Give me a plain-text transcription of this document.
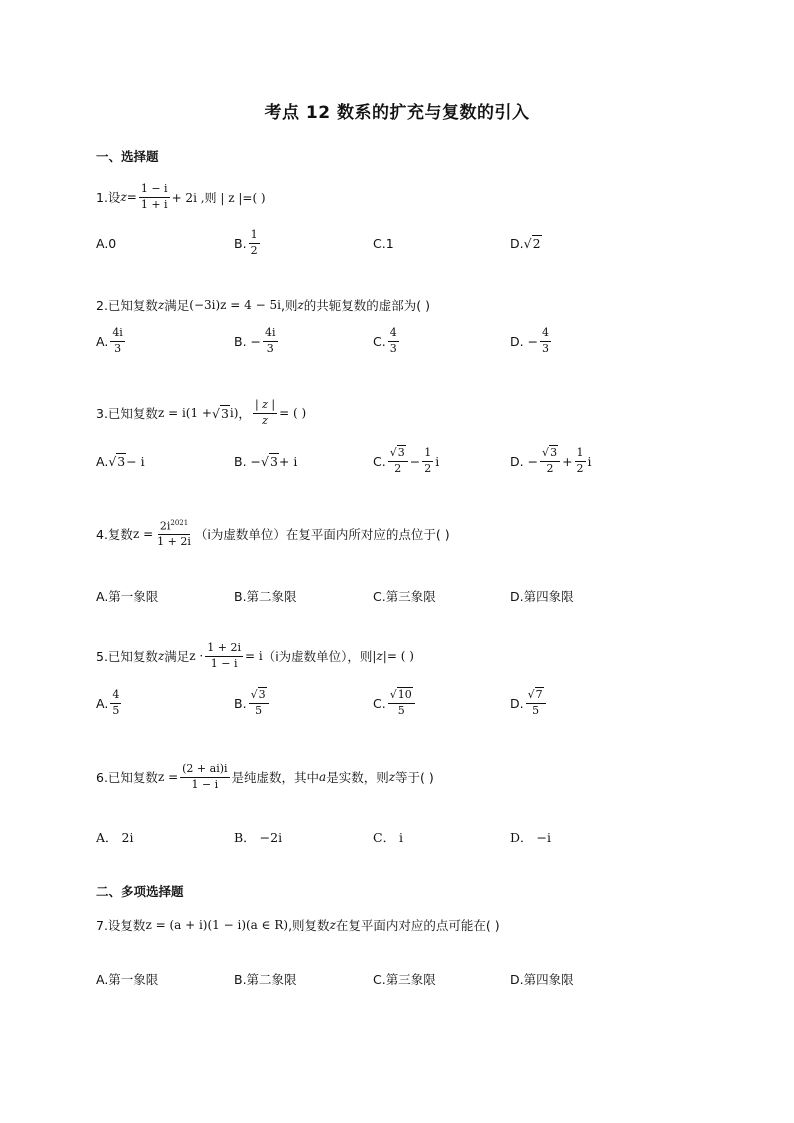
考点 12 数系的扩充与复数的引入
一、选择题
1.设 $z = \frac{1 - i}{1 + i} + 2i$ ,则 | z |=( )
A.0	B. $\frac{1}{2}$	C.1	D. √2
2.已知复数 z 满足 (−3i)z = 4 − 5i ,则 z 的共轭复数的虚部为( )
A. $\frac{4i}{3}$	B. − $\frac{4i}{3}$	C. $\frac{4}{3}$	D. − $\frac{4}{3}$
3.已知复数 z = i(1 + √3 i) ， $\frac{| z |}{z}$ = ( )
A. √3 − i	B. − √3 + i	C. $\frac{√3}{2} - \frac{1}{2}$ i	D. − $\frac{√3}{2} + \frac{1}{2}$ i
4.复数 $z = \frac{2i^{2021}}{1 + 2i} (i$为虚数单位）在复平面内所对应的点位于( )
A.第一象限	B.第二象限	C.第三象限	D.第四象限
5.已知复数 z 满足 $z \cdot \frac{1 + 2i}{1 - i} = i$ （i为虚数单位），则 |z| = ( )
A. $\frac{4}{5}$	B. $\frac{√3}{5}$	C. $\frac{√10}{5}$	D. $\frac{√7}{5}$
6.已知复数 $z = \frac{(2 + ai)i}{1 - i}$ 是纯虚数，其中 a 是实数，则 z 等于( )
A． 2i	B． −2i	C． i	D． −i
二、多项选择题
7.设复数 z = (a + i)(1 − i)(a ∈ R) ,则复数 z 在复平面内对应的点可能在( )
A.第一象限	B.第二象限	C.第三象限	D.第四象限
